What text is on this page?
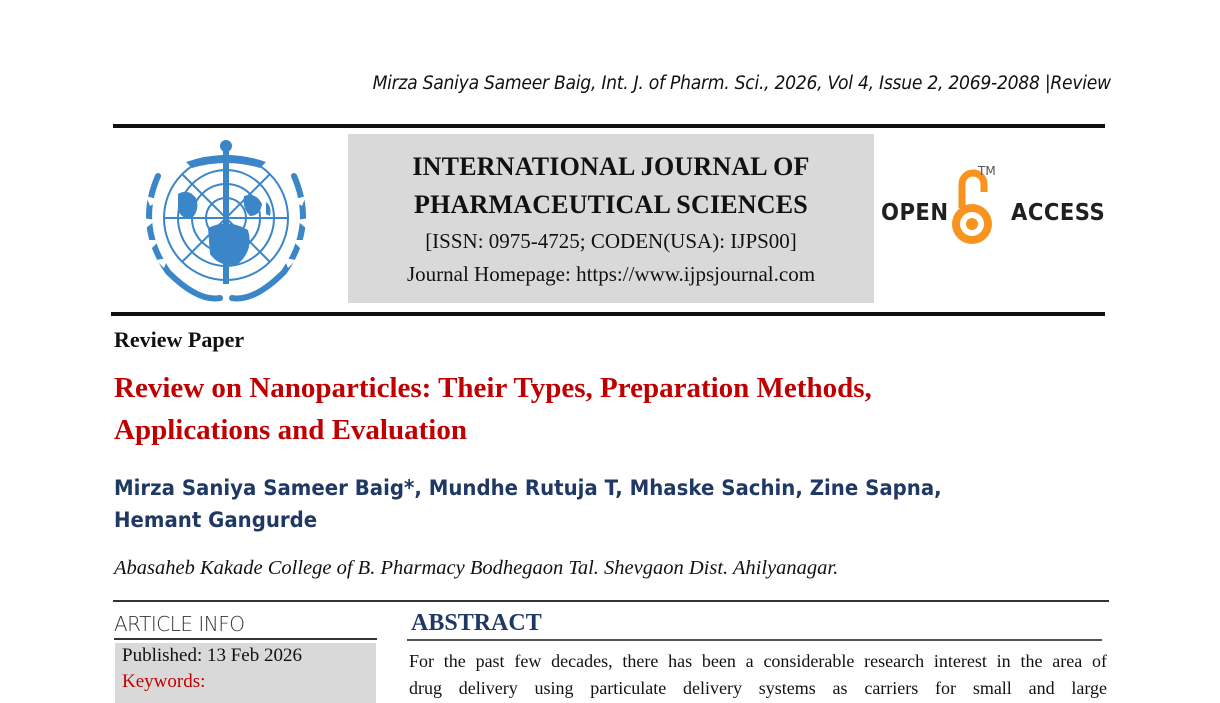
Mirza Saniya Sameer Baig, Int. J. of Pharm. Sci., 2026, Vol 4, Issue 2, 2069-2088 |Review
INTERNATIONAL JOURNAL OF
PHARMACEUTICAL SCIENCES
[ISSN: 0975-4725; CODEN(USA): IJPS00]
Journal Homepage: https://www.ijpsjournal.com
OPEN
TM
ACCESS
Review Paper
Review on Nanoparticles: Their Types, Preparation Methods,
Applications and Evaluation
Mirza Saniya Sameer Baig*, Mundhe Rutuja T, Mhaske Sachin, Zine Sapna,
Hemant Gangurde
Abasaheb Kakade College of B. Pharmacy Bodhegaon Tal. Shevgaon Dist. Ahilyanagar.
ARTICLE INFO
Published: 13 Feb 2026
Keywords:
ABSTRACT
For the past few decades, there has been a considerable research interest in the area of
drug delivery using particulate delivery systems as carriers for small and large
